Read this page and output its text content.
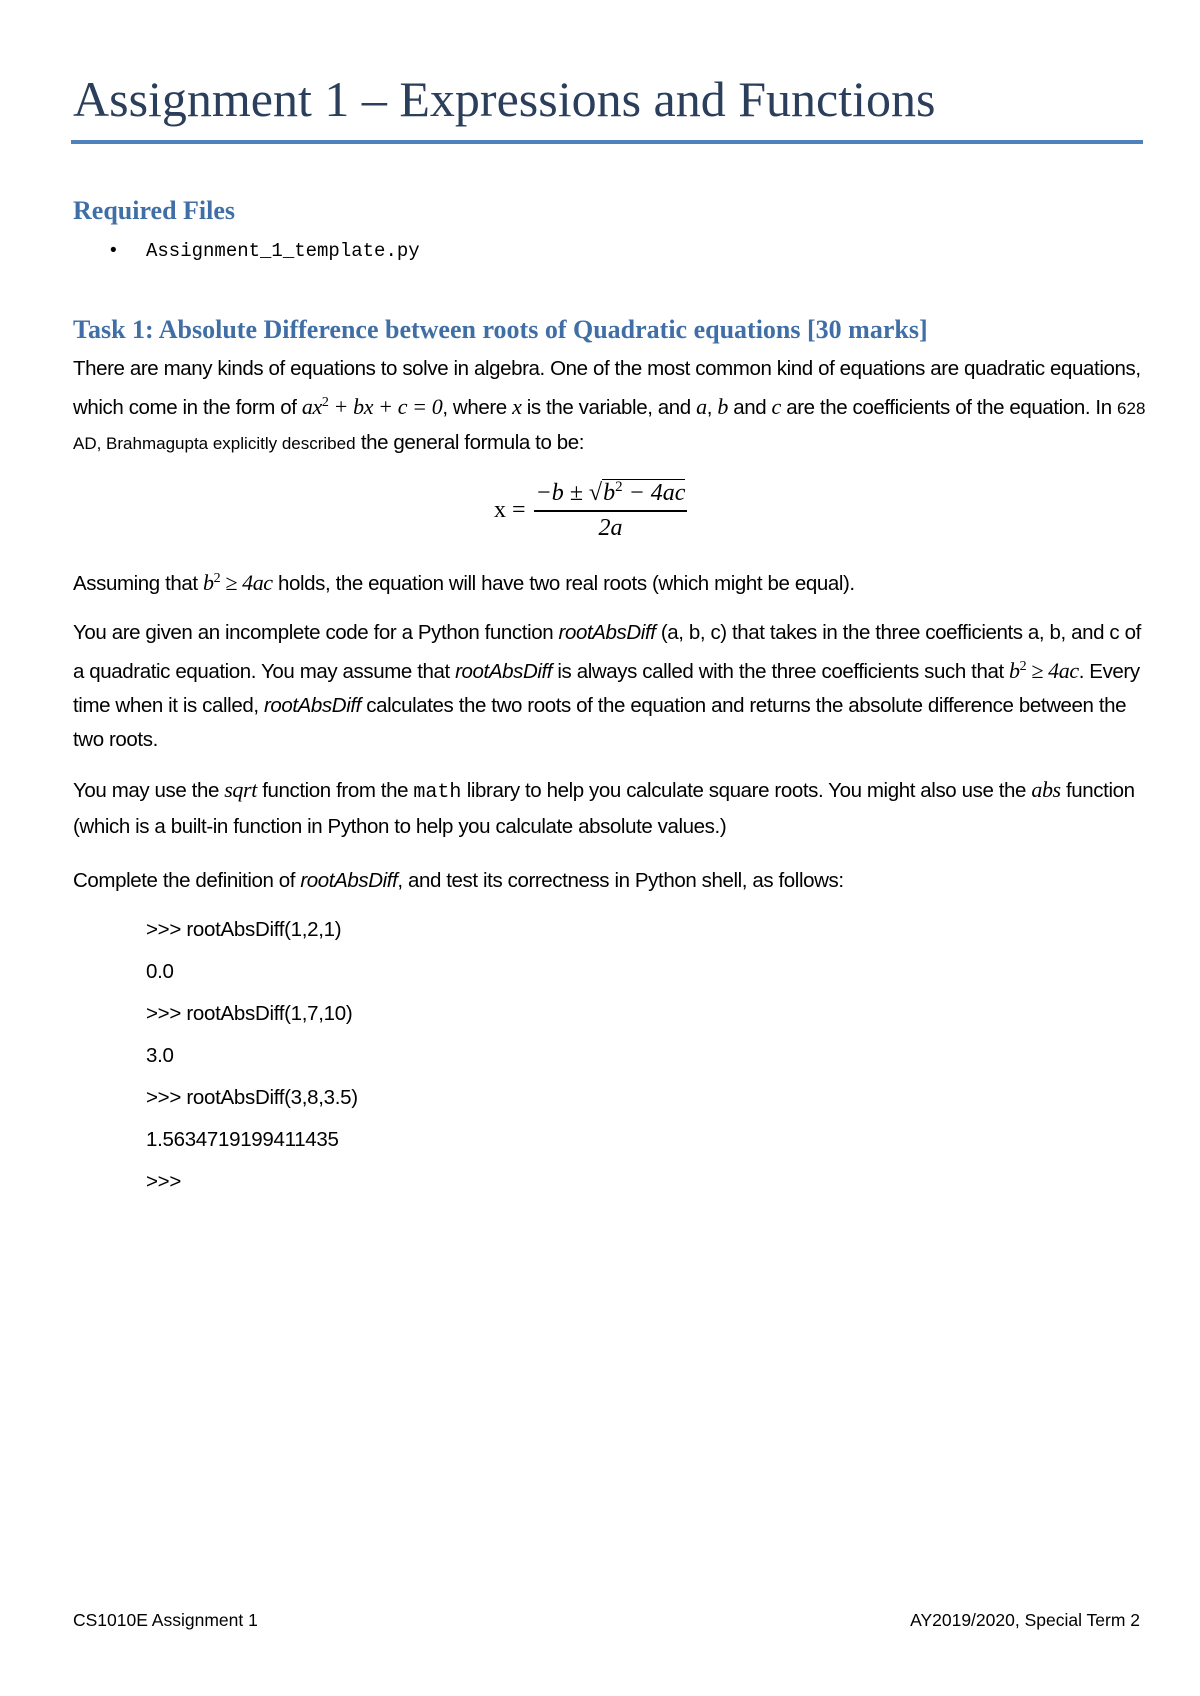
Assignment 1 – Expressions and Functions
Required Files
• Assignment_1_template.py
Task 1: Absolute Difference between roots of Quadratic equations [30 marks]
There are many kinds of equations to solve in algebra. One of the most common kind of equations are quadratic equations, which come in the form of $ax^2$ + bx + c = 0, where x is the variable, and a, b and c are the coefficients of the equation. In 628 AD, Brahmagupta explicitly described the general formula to be:
$x = \frac{-b \pm √b^2 - 4ac}{2a}$
Assuming that $b^2 \ge 4ac$ holds, the equation will have two real roots (which might be equal).
You are given an incomplete code for a Python function rootAbsDiff (a, b, c) that takes in the three coefficients a, b, and c of a quadratic equation. You may assume that rootAbsDiff is always called with the three coefficients such that $b^2 \ge 4ac$. Every time when it is called, rootAbsDiff calculates the two roots of the equation and returns the absolute difference between the two roots.
You may use the sqrt function from the math library to help you calculate square roots. You might also use the abs function (which is a built-in function in Python to help you calculate absolute values.)
Complete the definition of rootAbsDiff, and test its correctness in Python shell, as follows:
>>> rootAbsDiff(1,2,1)
0.0
>>> rootAbsDiff(1,7,10)
3.0
>>> rootAbsDiff(3,8,3.5)
1.5634719199411435
>>>
CS1010E Assignment 1	AY2019/2020, Special Term 2
